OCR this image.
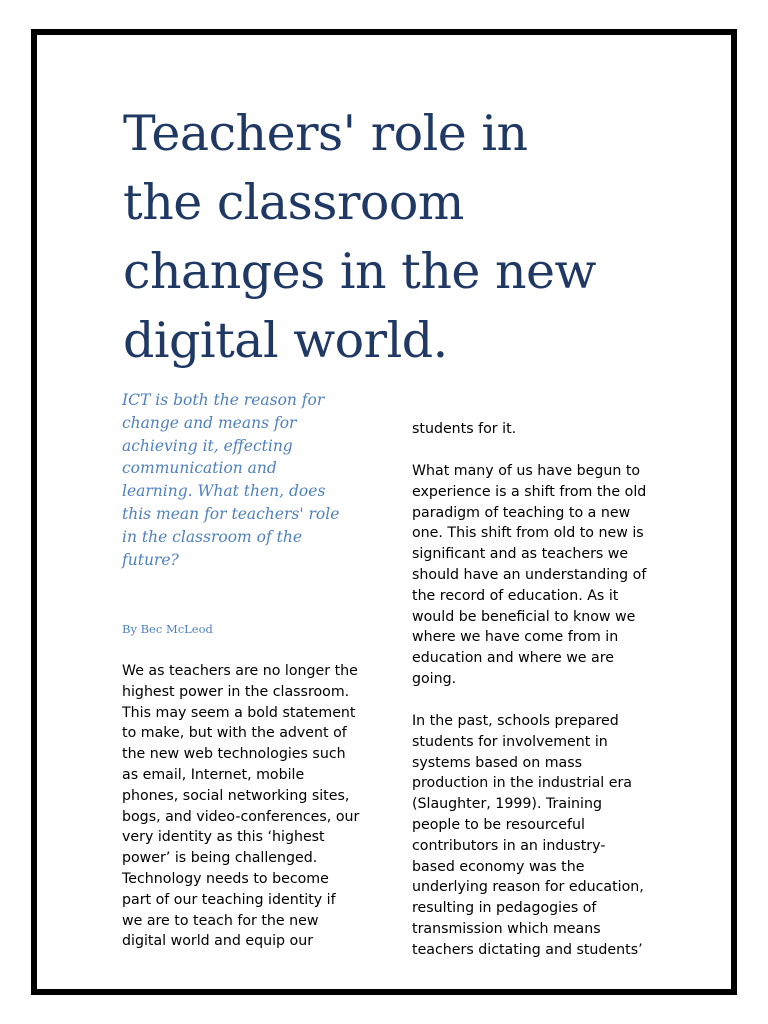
Teachers' role in
the classroom
changes in the new
digital world.

ICT is both the reason for
change and means for
achieving it, effecting
communication and
learning. What then, does
this mean for teachers' role
in the classroom of the
future?

By Bec McLeod

We as teachers are no longer the
highest power in the classroom.
This may seem a bold statement
to make, but with the advent of
the new web technologies such
as email, Internet, mobile
phones, social networking sites,
bogs, and video-conferences, our
very identity as this ‘highest
power’ is being challenged.
Technology needs to become
part of our teaching identity if
we are to teach for the new
digital world and equip our

students for it.

What many of us have begun to
experience is a shift from the old
paradigm of teaching to a new
one. This shift from old to new is
significant and as teachers we
should have an understanding of
the record of education. As it
would be beneficial to know we
where we have come from in
education and where we are
going.

In the past, schools prepared
students for involvement in
systems based on mass
production in the industrial era
(Slaughter, 1999). Training
people to be resourceful
contributors in an industry-
based economy was the
underlying reason for education,
resulting in pedagogies of
transmission which means
teachers dictating and students’
